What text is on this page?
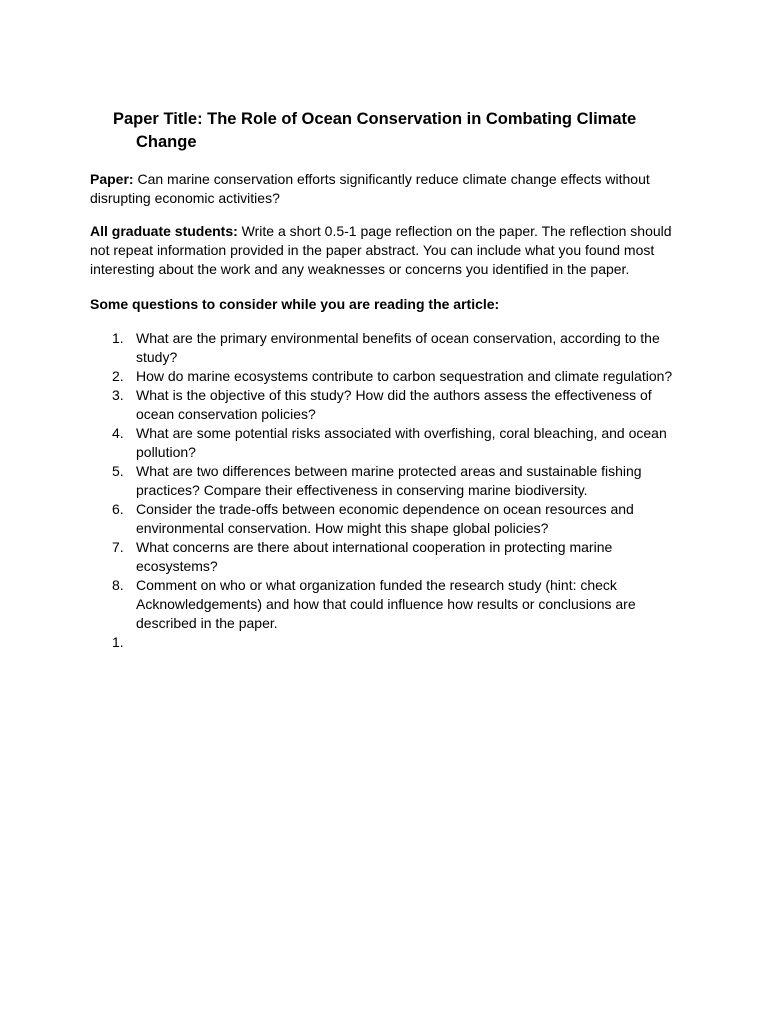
Paper Title: The Role of Ocean Conservation in Combating Climate
Change

Paper: Can marine conservation efforts significantly reduce climate change effects without disrupting economic activities?

All graduate students: Write a short 0.5-1 page reflection on the paper. The reflection should not repeat information provided in the paper abstract. You can include what you found most interesting about the work and any weaknesses or concerns you identified in the paper.

Some questions to consider while you are reading the article:

1. What are the primary environmental benefits of ocean conservation, according to the study?
2. How do marine ecosystems contribute to carbon sequestration and climate regulation?
3. What is the objective of this study? How did the authors assess the effectiveness of ocean conservation policies?
4. What are some potential risks associated with overfishing, coral bleaching, and ocean pollution?
5. What are two differences between marine protected areas and sustainable fishing practices? Compare their effectiveness in conserving marine biodiversity.
6. Consider the trade-offs between economic dependence on ocean resources and environmental conservation. How might this shape global policies?
7. What concerns are there about international cooperation in protecting marine ecosystems?
8. Comment on who or what organization funded the research study (hint: check Acknowledgements) and how that could influence how results or conclusions are described in the paper.
1.
